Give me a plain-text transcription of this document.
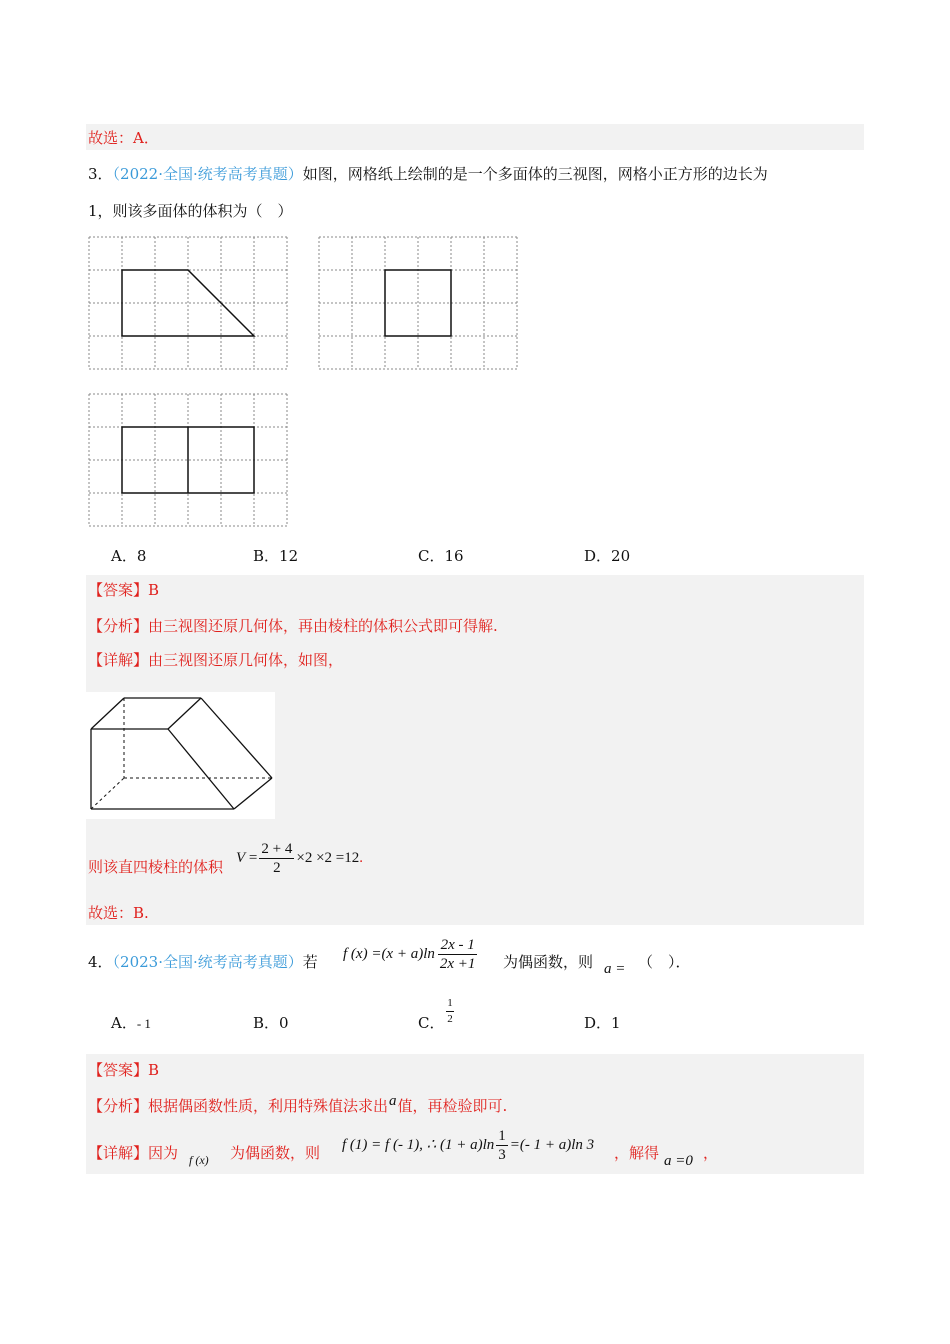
故选：A．
3．（2022·全国·统考高考真题）如图，网格纸上绘制的是一个多面体的三视图，网格小正方形的边长为
1，则该多面体的体积为（　）
A．8	B．12	C．16	D．20
【答案】B
【分析】由三视图还原几何体，再由棱柱的体积公式即可得解.
【详解】由三视图还原几何体，如图，
则该直四棱柱的体积
$V = \frac{2 + 4}{2} \times 2 \times 2 =12$.
故选：B.
4．（2023·全国·统考高考真题）若 f $(x) =(x + a)\ln \frac{2x - 1}{2x +1}$ 为偶函数，则 a = （　）．
A．- 1	B．0	C．
1
2	D．1
【答案】B
【分析】根据偶函数性质，利用特殊值法求出a值，再检验即可.
【详解】因为 f (x) 为偶函数，则 f (1) = f (- 1), ∴ $(1 + a)\ln \frac{1}{3}$ =(- 1 + a)ln 3 ，解得 a =0 ，
